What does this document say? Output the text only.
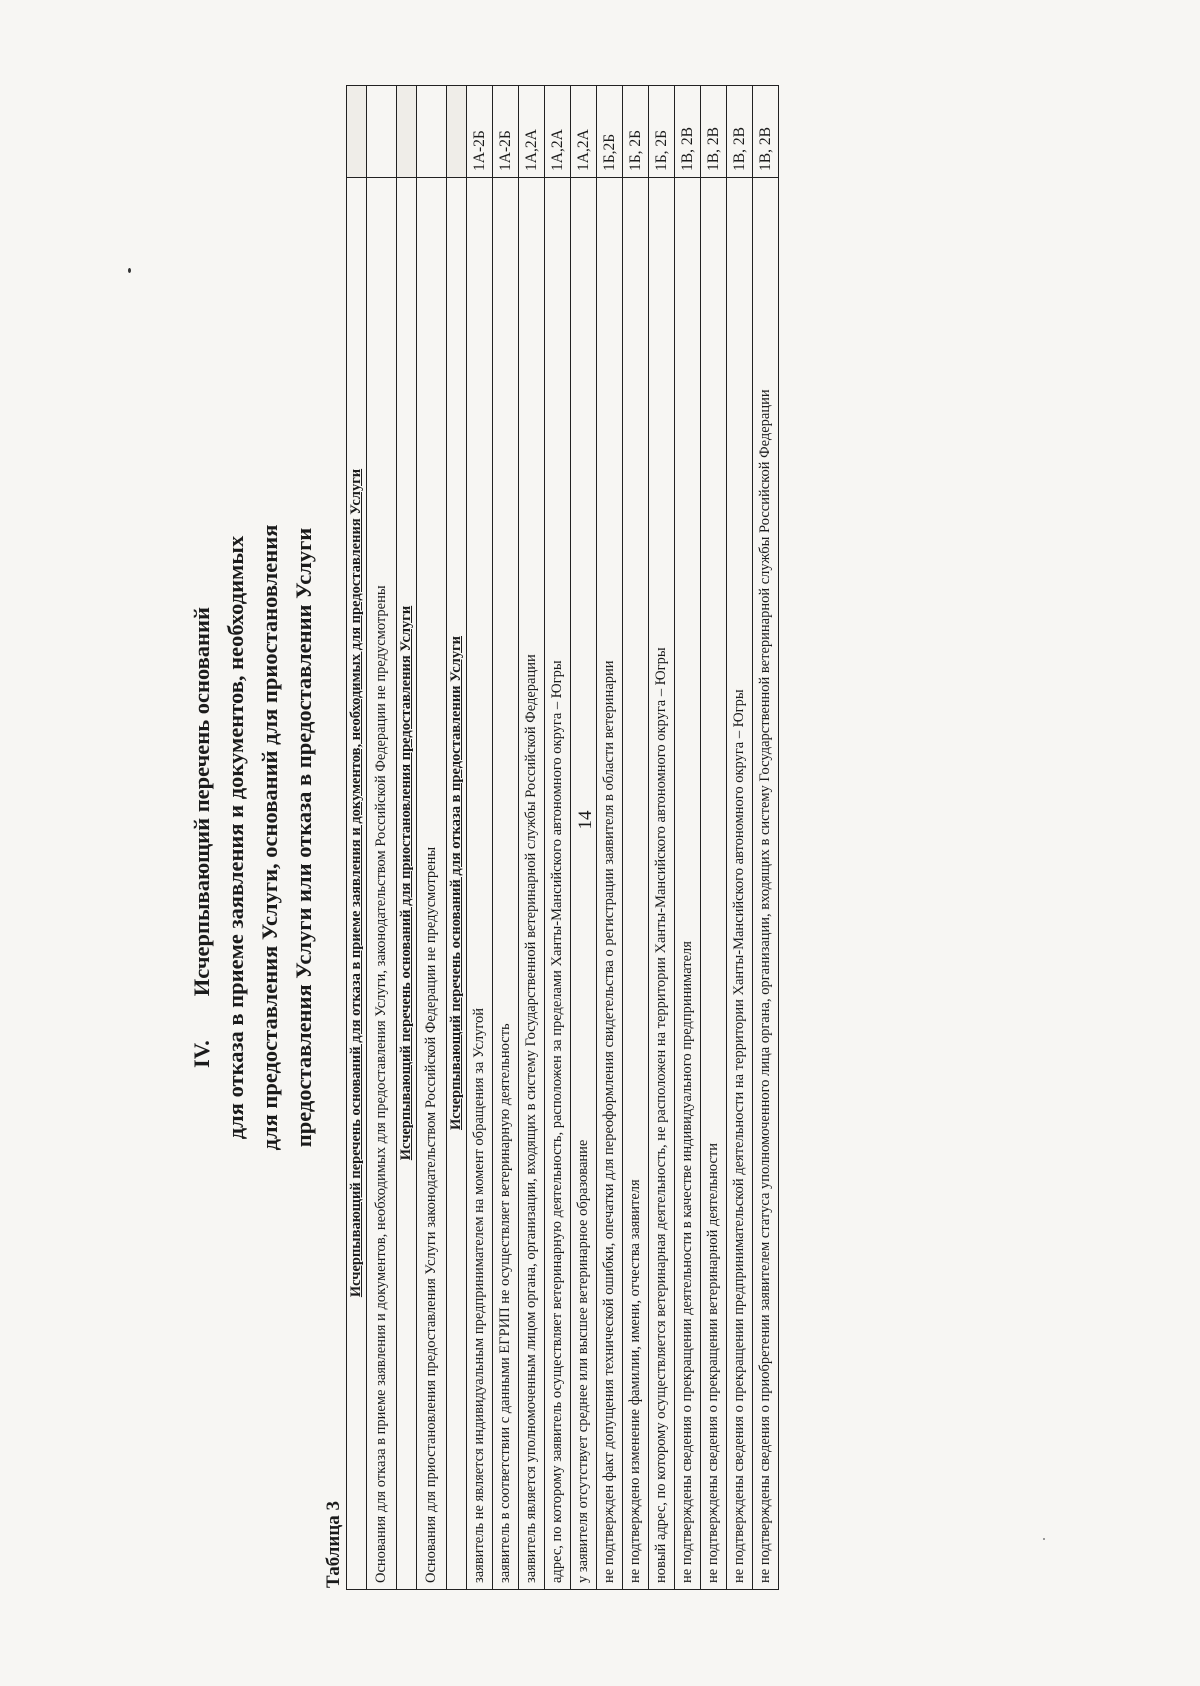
14
IV.Исчерпывающий перечень оснований для отказа в приеме заявления и документов, необходимых для предоставления Услуги, оснований для приостановления предоставления Услуги или отказа в предоставлении Услуги
Таблица 3
Исчерпывающий перечень оснований для отказа в приеме заявления и документов, необходимых для предоставления Услуги	
Основания для отказа в приеме заявления и документов, необходимых для предоставления Услуги, законодательством Российской Федерации не предусмотрены	
Исчерпывающий перечень оснований для приостановления предоставления Услуги	
Основания для приостановления предоставления Услуги законодательством Российской Федерации не предусмотрены	
Исчерпывающий перечень оснований для отказа в предоставлении Услуги	
заявитель не является индивидуальным предпринимателем на момент обращения за Услугой	1А-2Б
заявитель в соответствии с данными ЕГРИП не осуществляет ветеринарную деятельность	1А-2Б
заявитель является уполномоченным лицом органа, организации, входящих в систему Государственной ветеринарной службы Российской Федерации	1А,2А
адрес, по которому заявитель осуществляет ветеринарную деятельность, расположен за пределами Ханты-Мансийского автономного округа – Югры	1А,2А
у заявителя отсутствует среднее или высшее ветеринарное образование	1А,2А
не подтвержден факт допущения технической ошибки, опечатки для переоформления свидетельства о регистрации заявителя в области ветеринарии	1Б,2Б
не подтверждено изменение фамилии, имени, отчества заявителя	1Б, 2Б
новый адрес, по которому осуществляется ветеринарная деятельность, не расположен на территории Ханты-Мансийского автономного округа – Югры	1Б, 2Б
не подтверждены сведения о прекращении деятельности в качестве индивидуального предпринимателя	1В, 2В
не подтверждены сведения о прекращении ветеринарной деятельности	1В, 2В
не подтверждены сведения о прекращении предпринимательской деятельности на территории Ханты-Мансийского автономного округа – Югры	1В, 2В
не подтверждены сведения о приобретении заявителем статуса уполномоченного лица органа, организации, входящих в систему Государственной ветеринарной службы Российской Федерации	1В, 2В
